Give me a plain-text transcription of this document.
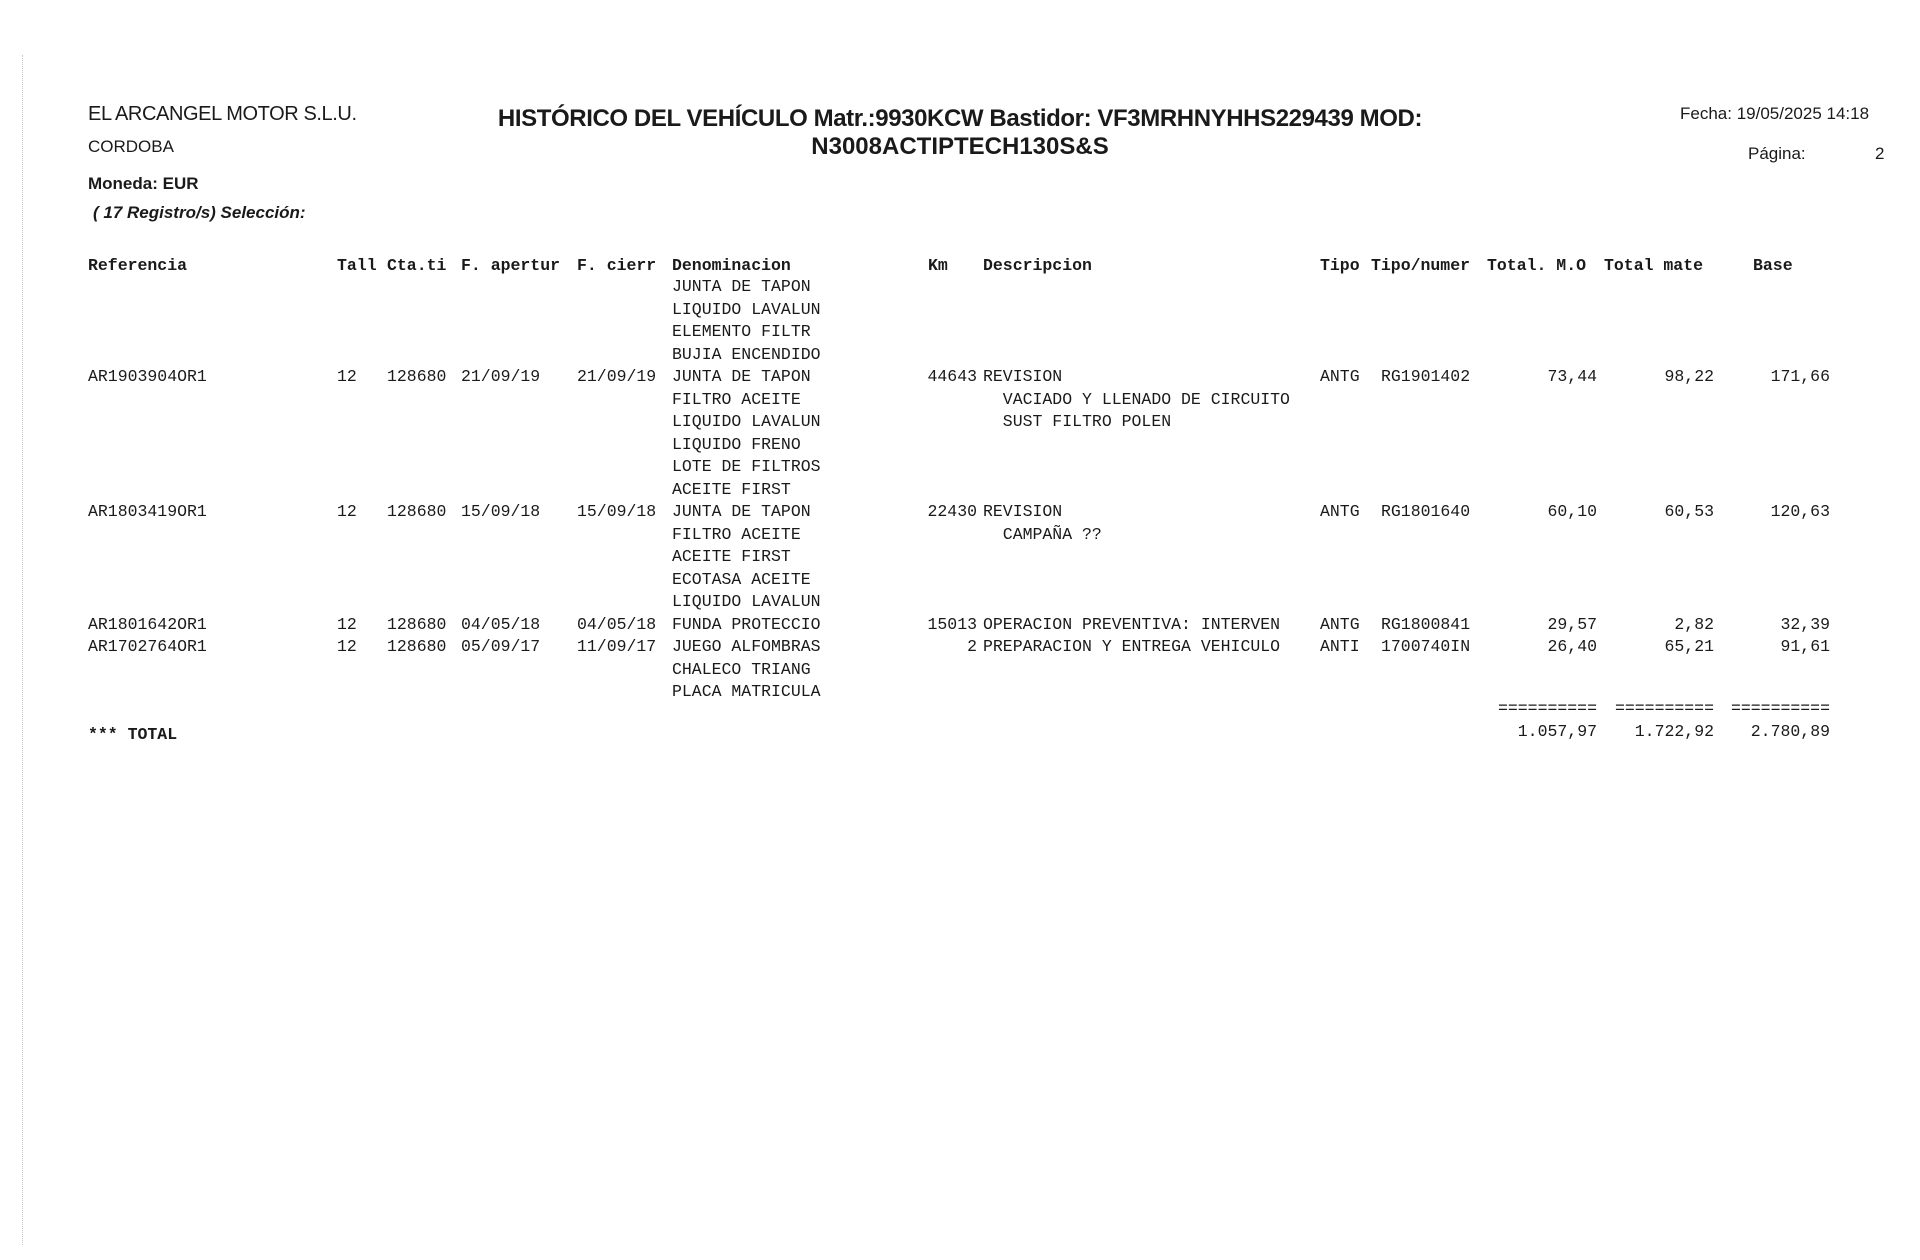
EL ARCANGEL MOTOR S.L.U.
CORDOBA
Moneda: EUR
( 17 Registro/s) Selección:
HISTÓRICO DEL VEHÍCULO Matr.:9930KCW Bastidor: VF3MRHNYHHS229439 MOD:
N3008ACTIPTECH130S&S
Fecha: 19/05/2025 14:18
Página:	2
Referencia	Tall Cta.ti F. apertur F. cierr Denominacion	Km Descripcion	Tipo Tipo/numer Total. M.O Total mate	Base
JUNTA DE TAPON
LIQUIDO LAVALUN
ELEMENTO FILTR
BUJIA ENCENDIDO
AR1903904OR1	12 128680 21/09/19 21/09/19 JUNTA DE TAPON	44643 REVISION	ANTG RG1901402	73,44	98,22	171,66
FILTRO ACEITE	VACIADO Y LLENADO DE CIRCUITO
LIQUIDO LAVALUN	SUST FILTRO POLEN
LIQUIDO FRENO
LOTE DE FILTROS
ACEITE FIRST
AR1803419OR1	12 128680 15/09/18 15/09/18 JUNTA DE TAPON	22430 REVISION	ANTG RG1801640	60,10	60,53	120,63
FILTRO ACEITE	CAMPAÑA ??
ACEITE FIRST
ECOTASA ACEITE
LIQUIDO LAVALUN
AR1801642OR1	12 128680 04/05/18 04/05/18 FUNDA PROTECCIO	15013 OPERACION PREVENTIVA: INTERVEN ANTG RG1800841	29,57	2,82	32,39
AR1702764OR1	12 128680 05/09/17 11/09/17 JUEGO ALFOMBRAS	2 PREPARACION Y ENTREGA VEHICULO ANTI 1700740IN	26,40	65,21	91,61
CHALECO TRIANG
PLACA MATRICULA
==========	==========	==========
*** TOTAL	1.057,97	1.722,92	2.780,89
